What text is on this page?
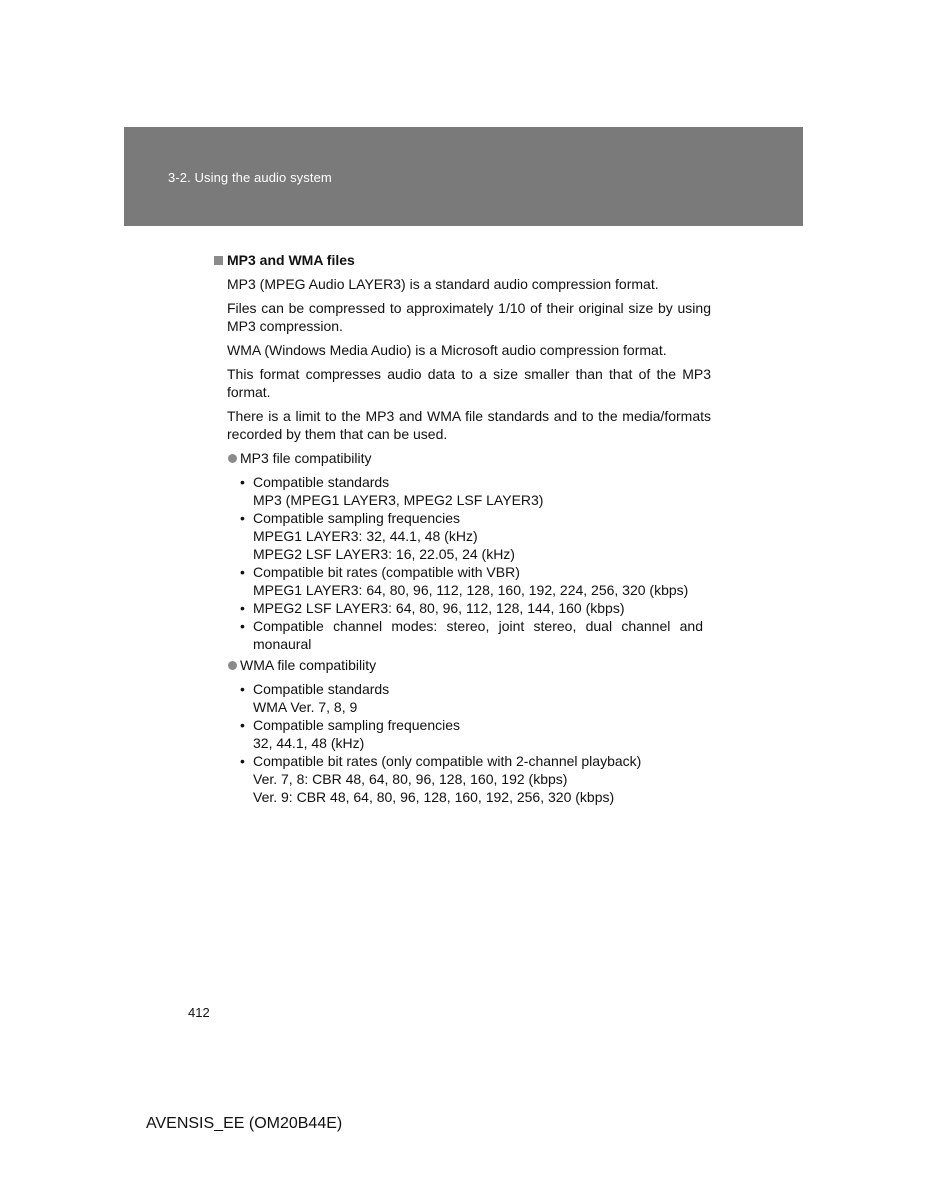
3-2. Using the audio system
MP3 and WMA files

MP3 (MPEG Audio LAYER3) is a standard audio compression format.

Files can be compressed to approximately 1/10 of their original size by using MP3 compression.

WMA (Windows Media Audio) is a Microsoft audio compression format.

This format compresses audio data to a size smaller than that of the MP3 format.

There is a limit to the MP3 and WMA file standards and to the media/formats recorded by them that can be used.

MP3 file compatibility
• Compatible standards
MP3 (MPEG1 LAYER3, MPEG2 LSF LAYER3)
• Compatible sampling frequencies
MPEG1 LAYER3: 32, 44.1, 48 (kHz)
MPEG2 LSF LAYER3: 16, 22.05, 24 (kHz)
• Compatible bit rates (compatible with VBR)
MPEG1 LAYER3: 64, 80, 96, 112, 128, 160, 192, 224, 256, 320 (kbps)
• MPEG2 LSF LAYER3: 64, 80, 96, 112, 128, 144, 160 (kbps)
• Compatible channel modes: stereo, joint stereo, dual channel and
monaural
WMA file compatibility
• Compatible standards
WMA Ver. 7, 8, 9
• Compatible sampling frequencies
32, 44.1, 48 (kHz)
• Compatible bit rates (only compatible with 2-channel playback)
Ver. 7, 8: CBR 48, 64, 80, 96, 128, 160, 192 (kbps)
Ver. 9: CBR 48, 64, 80, 96, 128, 160, 192, 256, 320 (kbps)
412
AVENSIS_EE (OM20B44E)
